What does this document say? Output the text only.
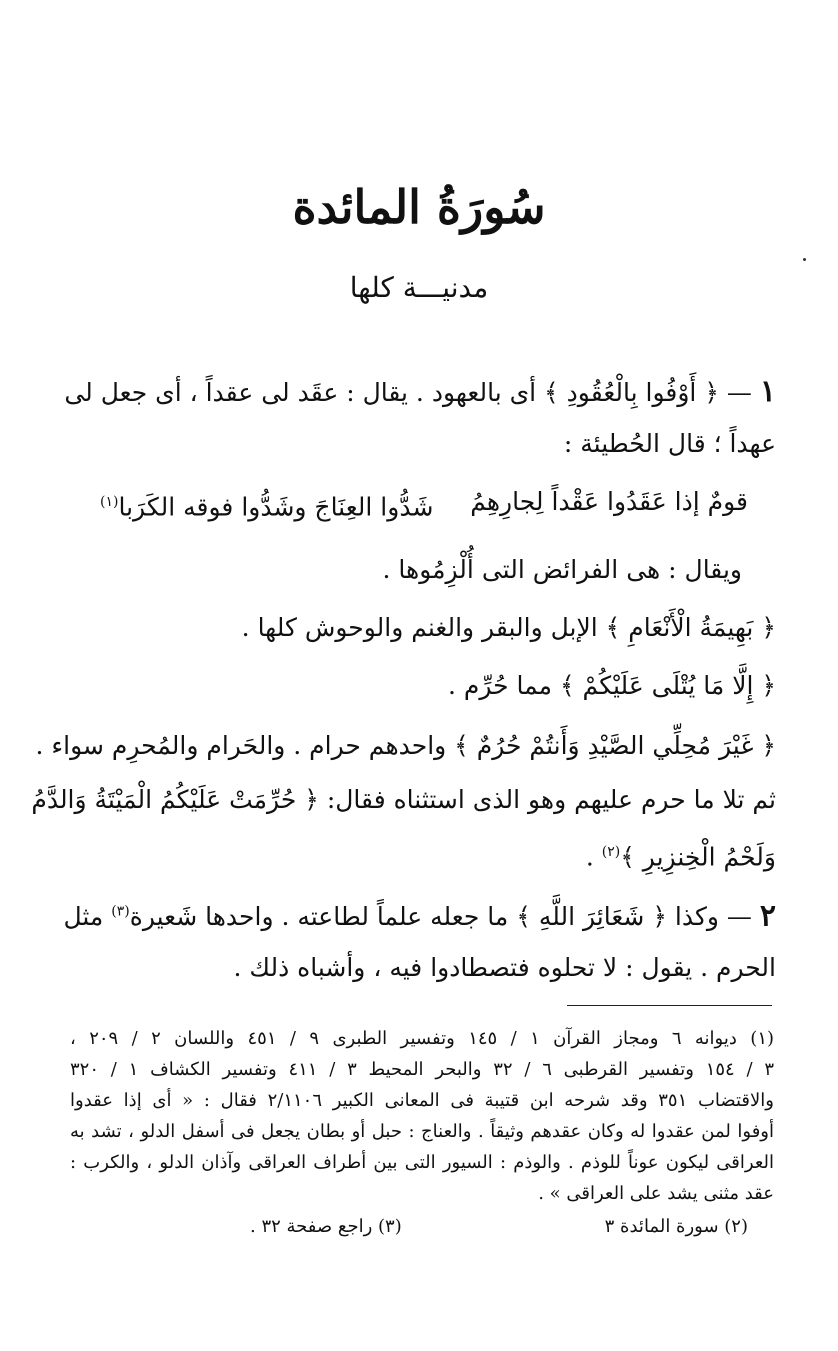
سُورَةُ المائدة
مدنيـــة كلها
١ — ﴿ أَوْفُوا بِالْعُقُودِ ﴾ أى بالعهود . يقال : عقَد لى عقداً ، أى جعل لى
عهداً ؛ قال الحُطيئة :
قومٌ إذا عَقَدُوا عَقْداً لِجارِهِمُ
شَدُّوا العِنَاجَ وشَدُّوا فوقه الكَرَبا$^{(١)}$
ويقال : هى الفرائض التى أُلْزِمُوها .
﴿ بَهِيمَةُ الْأَنْعَامِ ﴾ الإبل والبقر والغنم والوحوش كلها .
﴿ إِلَّا مَا يُتْلَى عَلَيْكُمْ ﴾ مما حُرِّم .
﴿ غَيْرَ مُحِلِّي الصَّيْدِ وَأَنتُمْ حُرُمٌ ﴾ واحدهم حرام . والحَرام والمُحرِم سواء .
ثم تلا ما حرم عليهم وهو الذى استثناه فقال: ﴿ حُرِّمَتْ عَلَيْكُمُ الْمَيْتَةُ وَالدَّمُ
وَلَحْمُ الْخِنزِيرِ ﴾$^{(٢)}$ .
٢ — وكذا ﴿ شَعَائِرَ اللَّهِ ﴾ ما جعله علماً لطاعته . واحدها شَعيرة$^{(٣)}$ مثل
الحرم . يقول : لا تحلوه فتصطادوا فيه ، وأشباه ذلك .
(١) ديوانه ٦ ومجاز القرآن ١ / ١٤٥ وتفسير الطبرى ٩ / ٤٥١ واللسان ٢ / ٢٠٩ ،
٣ / ١٥٤ وتفسير القرطبى ٦ / ٣٢ والبحر المحيط ٣ / ٤١١ وتفسير الكشاف ١ / ٣٢٠
والاقتضاب ٣٥١ وقد شرحه ابن قتيبة فى المعانى الكبير ٢/١١٠٦ فقال : « أى إذا عقدوا
أوفوا لمن عقدوا له وكان عقدهم وثيقاً . والعناج : حبل أو بطان يجعل فى أسفل الدلو ، تشد به
العراقى ليكون عوناً للوذم . والوذم : السيور التى بين أطراف العراقى وآذان الدلو ، والكرب :
عقد مثنى يشد على العراقى » .
(٢) سورة المائدة ٣
(٣) راجع صفحة ٣٢ .
